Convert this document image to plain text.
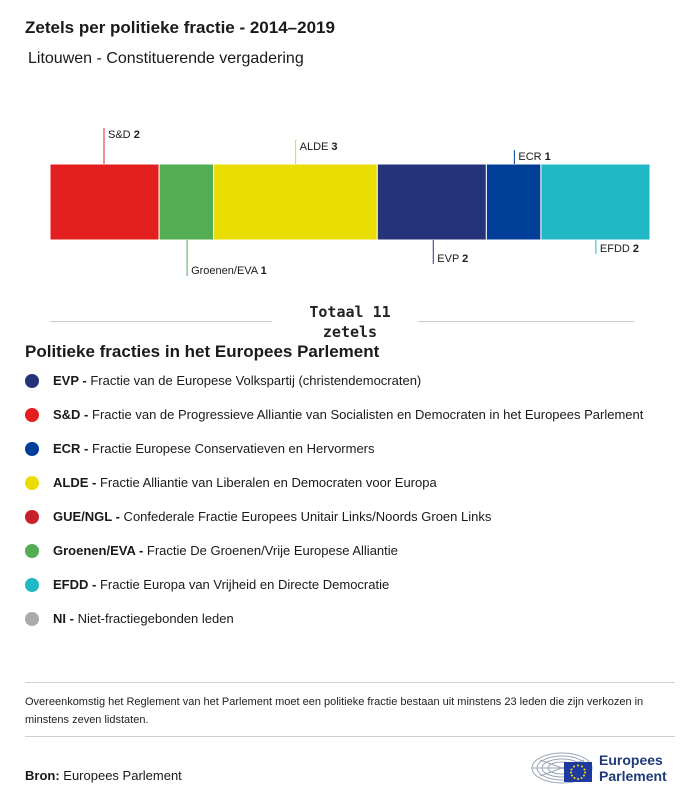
Zetels per politieke fractie - 2014–2019
Litouwen - Constituerende vergadering
S&D 2
Groenen/EVA 1
ALDE 3
EVP 2
ECR 1
EFDD 2
Totaal 11
zetels
Politieke fracties in het Europees Parlement
EVP - Fractie van de Europese Volkspartij (christendemocraten)
S&D - Fractie van de Progressieve Alliantie van Socialisten en Democraten in het Europees Parlement
ECR - Fractie Europese Conservatieven en Hervormers
ALDE - Fractie Alliantie van Liberalen en Democraten voor Europa
GUE/NGL - Confederale Fractie Europees Unitair Links/Noords Groen Links
Groenen/EVA - Fractie De Groenen/Vrije Europese Alliantie
EFDD - Fractie Europa van Vrijheid en Directe Democratie
NI - Niet-fractiegebonden leden
Overeenkomstig het Reglement van het Parlement moet een politieke fractie bestaan uit minstens 23 leden die zijn verkozen in minstens zeven lidstaten.
Bron: Europees Parlement
Europees
Parlement
